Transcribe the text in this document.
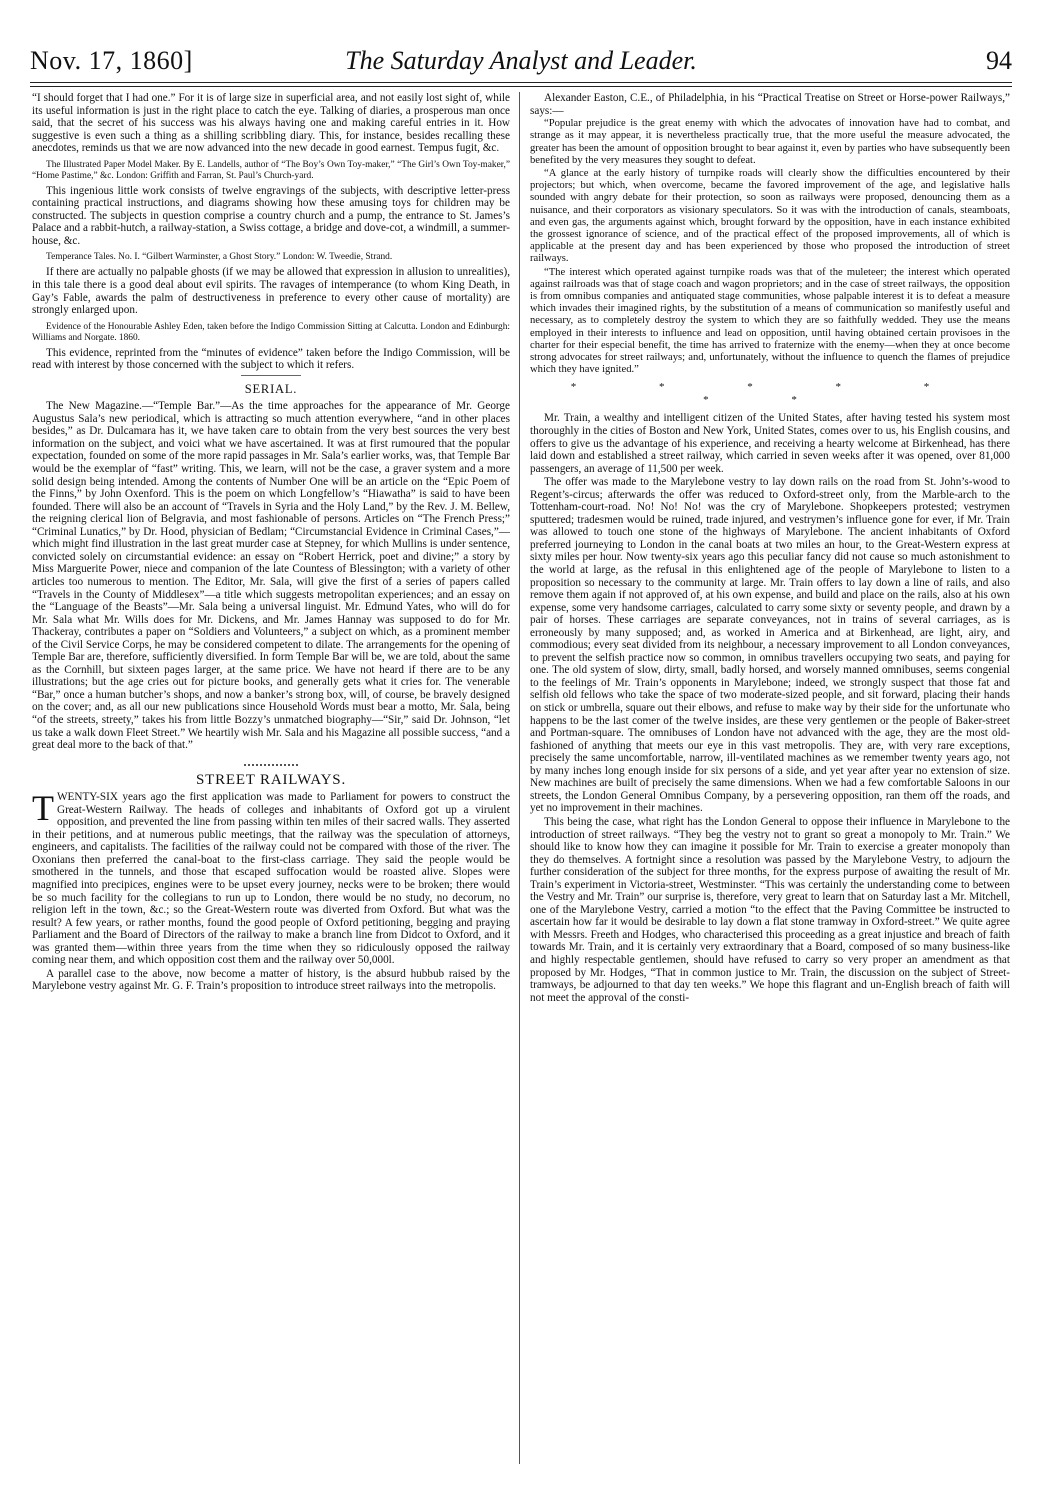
Nov. 17, 1860]	The Saturday Analyst and Leader.	94

“I should forget that I had one.” For it is of large size in superficial area, and not easily lost sight of, while its useful information is just in the right place to catch the eye. Talking of diaries, a prosperous man once said, that the secret of his success was his always having one and making careful entries in it. How suggestive is even such a thing as a shilling scribbling diary. This, for instance, besides recalling these anecdotes, reminds us that we are now advanced into the new decade in good earnest. Tempus fugit, &c.

The Illustrated Paper Model Maker. By E. Landells, author of “The Boy’s Own Toy-maker,” “The Girl’s Own Toy-maker,” “Home Pastime,” &c. London: Griffith and Farran, St. Paul’s Church-yard.

This ingenious little work consists of twelve engravings of the subjects, with descriptive letter-press containing practical instructions, and diagrams showing how these amusing toys for children may be constructed. The subjects in question comprise a country church and a pump, the entrance to St. James’s Palace and a rabbit-hutch, a railway-station, a Swiss cottage, a bridge and dove-cot, a windmill, a summer-house, &c.

Temperance Tales. No. I. “Gilbert Warminster, a Ghost Story.” London: W. Tweedie, Strand.

If there are actually no palpable ghosts (if we may be allowed that expression in allusion to unrealities), in this tale there is a good deal about evil spirits. The ravages of intemperance (to whom King Death, in Gay’s Fable, awards the palm of destructiveness in preference to every other cause of mortality) are strongly enlarged upon.

Evidence of the Honourable Ashley Eden, taken before the Indigo Commission Sitting at Calcutta. London and Edinburgh: Williams and Norgate. 1860.

This evidence, reprinted from the “minutes of evidence” taken before the Indigo Commission, will be read with interest by those concerned with the subject to which it refers.

SERIAL.

The New Magazine.—“Temple Bar.”—As the time approaches for the appearance of Mr. George Augustus Sala’s new periodical, which is attracting so much attention everywhere, “and in other places besides,” as Dr. Dulcamara has it, we have taken care to obtain from the very best sources the very best information on the subject, and voici what we have ascertained. It was at first rumoured that the popular expectation, founded on some of the more rapid passages in Mr. Sala’s earlier works, was, that Temple Bar would be the exemplar of “fast” writing. This, we learn, will not be the case, a graver system and a more solid design being intended. Among the contents of Number One will be an article on the “Epic Poem of the Finns,” by John Oxenford. This is the poem on which Longfellow’s “Hiawatha” is said to have been founded. There will also be an account of “Travels in Syria and the Holy Land,” by the Rev. J. M. Bellew, the reigning clerical lion of Belgravia, and most fashionable of persons. Articles on “The French Press;” “Criminal Lunatics,” by Dr. Hood, physician of Bedlam; “Circumstancial Evidence in Criminal Cases,”—which might find illustration in the last great murder case at Stepney, for which Mullins is under sentence, convicted solely on circumstantial evidence: an essay on “Robert Herrick, poet and divine;” a story by Miss Marguerite Power, niece and companion of the late Countess of Blessington; with a variety of other articles too numerous to mention. The Editor, Mr. Sala, will give the first of a series of papers called “Travels in the County of Middlesex”—a title which suggests metropolitan experiences; and an essay on the “Language of the Beasts”—Mr. Sala being a universal linguist. Mr. Edmund Yates, who will do for Mr. Sala what Mr. Wills does for Mr. Dickens, and Mr. James Hannay was supposed to do for Mr. Thackeray, contributes a paper on “Soldiers and Volunteers,” a subject on which, as a prominent member of the Civil Service Corps, he may be considered competent to dilate. The arrangements for the opening of Temple Bar are, therefore, sufficiently diversified. In form Temple Bar will be, we are told, about the same as the Cornhill, but sixteen pages larger, at the same price. We have not heard if there are to be any illustrations; but the age cries out for picture books, and generally gets what it cries for. The venerable “Bar,” once a human butcher’s shops, and now a banker’s strong box, will, of course, be bravely designed on the cover; and, as all our new publications since Household Words must bear a motto, Mr. Sala, being “of the streets, streety,” takes his from little Bozzy’s unmatched biography—“Sir,” said Dr. Johnson, “let us take a walk down Fleet Street.” We heartily wish Mr. Sala and his Magazine all possible success, “and a great deal more to the back of that.”

STREET RAILWAYS.

TWENTY-SIX years ago the first application was made to Parliament for powers to construct the Great-Western Railway. The heads of colleges and inhabitants of Oxford got up a virulent opposition, and prevented the line from passing within ten miles of their sacred walls. They asserted in their petitions, and at numerous public meetings, that the railway was the speculation of attorneys, engineers, and capitalists. The facilities of the railway could not be compared with those of the river. The Oxonians then preferred the canal-boat to the first-class carriage. They said the people would be smothered in the tunnels, and those that escaped suffocation would be roasted alive. Slopes were magnified into precipices, engines were to be upset every journey, necks were to be broken; there would be so much facility for the collegians to run up to London, there would be no study, no decorum, no religion left in the town, &c.; so the Great-Western route was diverted from Oxford. But what was the result? A few years, or rather months, found the good people of Oxford petitioning, begging and praying Parliament and the Board of Directors of the railway to make a branch line from Didcot to Oxford, and it was granted them—within three years from the time when they so ridiculously opposed the railway coming near them, and which opposition cost them and the railway over 50,000l.

A parallel case to the above, now become a matter of history, is the absurd hubbub raised by the Marylebone vestry against Mr. G. F. Train’s proposition to introduce street railways into the metropolis.

Alexander Easton, C.E., of Philadelphia, in his “Practical Treatise on Street or Horse-power Railways,” says:—

“Popular prejudice is the great enemy with which the advocates of innovation have had to combat, and strange as it may appear, it is nevertheless practically true, that the more useful the measure advocated, the greater has been the amount of opposition brought to bear against it, even by parties who have subsequently been benefited by the very measures they sought to defeat.

“A glance at the early history of turnpike roads will clearly show the difficulties encountered by their projectors; but which, when overcome, became the favored improvement of the age, and legislative halls sounded with angry debate for their protection, so soon as railways were proposed, denouncing them as a nuisance, and their corporators as visionary speculators. So it was with the introduction of canals, steamboats, and even gas, the arguments against which, brought forward by the opposition, have in each instance exhibited the grossest ignorance of science, and of the practical effect of the proposed improvements, all of which is applicable at the present day and has been experienced by those who proposed the introduction of street railways.

“The interest which operated against turnpike roads was that of the muleteer; the interest which operated against railroads was that of stage coach and wagon proprietors; and in the case of street railways, the opposition is from omnibus companies and antiquated stage communities, whose palpable interest it is to defeat a measure which invades their imagined rights, by the substitution of a means of communication so manifestly useful and necessary, as to completely destroy the system to which they are so faithfully wedded. They use the means employed in their interests to influence and lead on opposition, until having obtained certain provisoes in the charter for their especial benefit, the time has arrived to fraternize with the enemy—when they at once become strong advocates for street railways; and, unfortunately, without the influence to quench the flames of prejudice which they have ignited.”

* * * * * * *

Mr. Train, a wealthy and intelligent citizen of the United States, after having tested his system most thoroughly in the cities of Boston and New York, United States, comes over to us, his English cousins, and offers to give us the advantage of his experience, and receiving a hearty welcome at Birkenhead, has there laid down and established a street railway, which carried in seven weeks after it was opened, over 81,000 passengers, an average of 11,500 per week.

The offer was made to the Marylebone vestry to lay down rails on the road from St. John’s-wood to Regent’s-circus; afterwards the offer was reduced to Oxford-street only, from the Marble-arch to the Tottenham-court-road. No! No! No! was the cry of Marylebone. Shopkeepers protested; vestrymen sputtered; tradesmen would be ruined, trade injured, and vestrymen’s influence gone for ever, if Mr. Train was allowed to touch one stone of the highways of Marylebone. The ancient inhabitants of Oxford preferred journeying to London in the canal boats at two miles an hour, to the Great-Western express at sixty miles per hour. Now twenty-six years ago this peculiar fancy did not cause so much astonishment to the world at large, as the refusal in this enlightened age of the people of Marylebone to listen to a proposition so necessary to the community at large. Mr. Train offers to lay down a line of rails, and also remove them again if not approved of, at his own expense, and build and place on the rails, also at his own expense, some very handsome carriages, calculated to carry some sixty or seventy people, and drawn by a pair of horses. These carriages are separate conveyances, not in trains of several carriages, as is erroneously by many supposed; and, as worked in America and at Birkenhead, are light, airy, and commodious; every seat divided from its neighbour, a necessary improvement to all London conveyances, to prevent the selfish practice now so common, in omnibus travellers occupying two seats, and paying for one. The old system of slow, dirty, small, badly horsed, and worsely manned omnibuses, seems congenial to the feelings of Mr. Train’s opponents in Marylebone; indeed, we strongly suspect that those fat and selfish old fellows who take the space of two moderate-sized people, and sit forward, placing their hands on stick or umbrella, square out their elbows, and refuse to make way by their side for the unfortunate who happens to be the last comer of the twelve insides, are these very gentlemen or the people of Baker-street and Portman-square. The omnibuses of London have not advanced with the age, they are the most old-fashioned of anything that meets our eye in this vast metropolis. They are, with very rare exceptions, precisely the same uncomfortable, narrow, ill-ventilated machines as we remember twenty years ago, not by many inches long enough inside for six persons of a side, and yet year after year no extension of size. New machines are built of precisely the same dimensions. When we had a few comfortable Saloons in our streets, the London General Omnibus Company, by a persevering opposition, ran them off the roads, and yet no improvement in their machines.

This being the case, what right has the London General to oppose their influence in Marylebone to the introduction of street railways. “They beg the vestry not to grant so great a monopoly to Mr. Train.” We should like to know how they can imagine it possible for Mr. Train to exercise a greater monopoly than they do themselves. A fortnight since a resolution was passed by the Marylebone Vestry, to adjourn the further consideration of the subject for three months, for the express purpose of awaiting the result of Mr. Train’s experiment in Victoria-street, Westminster. “This was certainly the understanding come to between the Vestry and Mr. Train” our surprise is, therefore, very great to learn that on Saturday last a Mr. Mitchell, one of the Marylebone Vestry, carried a motion “to the effect that the Paving Committee be instructed to ascertain how far it would be desirable to lay down a flat stone tramway in Oxford-street.” We quite agree with Messrs. Freeth and Hodges, who characterised this proceeding as a great injustice and breach of faith towards Mr. Train, and it is certainly very extraordinary that a Board, composed of so many business-like and highly respectable gentlemen, should have refused to carry so very proper an amendment as that proposed by Mr. Hodges, “That in common justice to Mr. Train, the discussion on the subject of Street-tramways, be adjourned to that day ten weeks.” We hope this flagrant and un-English breach of faith will not meet the approval of the consti-
